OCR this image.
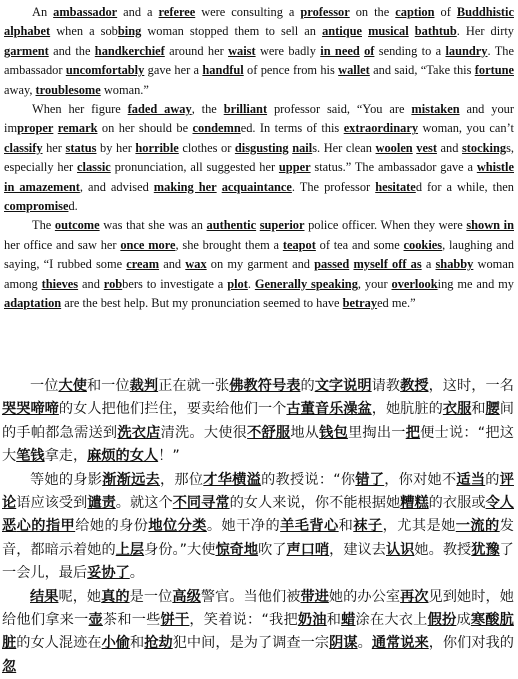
An ambassador and a referee were consulting a professor on the caption of Buddhistic alphabet when a sobbing woman stopped them to sell an antique musical bathtub. Her dirty garment and the handkerchief around her waist were badly in need of sending to a laundry. The ambassador uncomfortably gave her a handful of pence from his wallet and said, “Take this fortune away, troublesome woman.”

When her figure faded away, the brilliant professor said, “You are mistaken and your improper remark on her should be condemned. In terms of this extraordinary woman, you can’t classify her status by her horrible clothes or disgusting nails. Her clean woolen vest and stockings, especially her classic pronunciation, all suggested her upper status.” The ambassador gave a whistle in amazement, and advised making her acquaintance. The professor hesitated for a while, then compromised.

The outcome was that she was an authentic superior police officer. When they were shown in her office and saw her once more, she brought them a teapot of tea and some cookies, laughing and saying, “I rubbed some cream and wax on my garment and passed myself off as a shabby woman among thieves and robbers to investigate a plot. Generally speaking, your overlooking me and my adaptation are the best help. But my pronunciation seemed to have betrayed me.”

一位大使和一位裁判正在就一张佛教符号表的文字说明请教教授，这时，一名哭哭啼啼的女人把他们拦住，要卖给他们一个古董音乐澡盆，她肮脏的衣服和腰间的手帕都急需送到洗衣店清洗。大使很不舒服地从钱包里掏出一把便士说：“把这大笔钱拿走，麻烦的女人！”

等她的身影渐渐远去，那位才华横溢的教授说：“你错了，你对她不适当的评论语应该受到谴责。就这个不同寻常的女人来说，你不能根据她糟糕的衣服或令人恶心的指甲给她的身份地位分类。她干净的羊毛背心和袜子，尤其是她一流的发音，都暗示着她的上层身份。”大使惊奇地吹了声口哨，建议去认识她。教授犹豫了一会儿，最后妥协了。

结果呢，她真的是一位高级警官。当他们被带进她的办公室再次见到她时，她给他们拿来一壶茶和一些饼干，笑着说：“我把奶油和蜡涂在大衣上假扮成寒酸肮脏的女人混迹在小偷和抢劫犯中间，是为了调查一宗阴谋。通常说来，你们对我的忽
